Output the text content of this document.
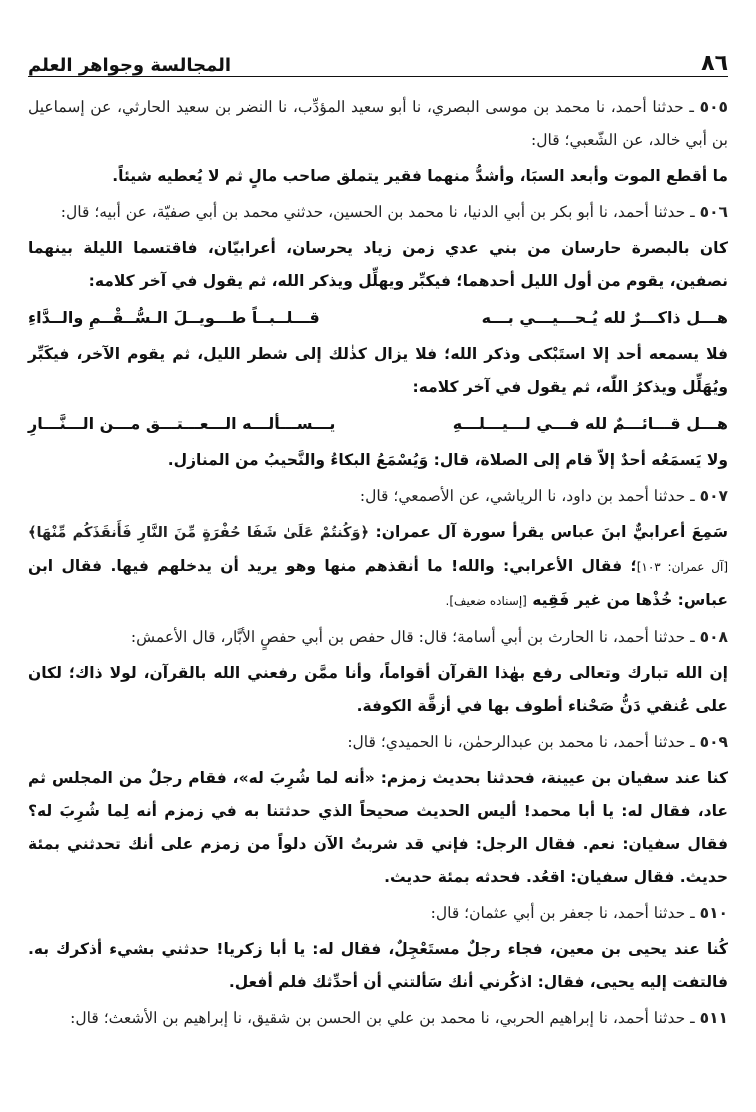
٨٦
المجالسة وجواهر العلم

٥٠٥ ـ حدثنا أحمد، نا محمد بن موسى البصري، نا أبو سعيد المؤدِّب، نا النضر بن سعيد الحارثي، عن إسماعيل بن أبي خالد، عن الشّعبي؛ قال:

ما أقطع الموت وأبعد السبَا، وأشدُّ منهما فقير يتملق صاحب مالٍ ثم لا يُعطيه شيئاً.

٥٠٦ ـ حدثنا أحمد، نا أبو بكر بن أبي الدنيا، نا محمد بن الحسين، حدثني محمد بن أبي صفيّة، عن أبيه؛ قال:

كان بالبصرة حارسان من بني عدي زمن زياد يحرسان، أعرابيّان، فاقتسما الليلة بينهما نصفين، يقوم من أول الليل أحدهما؛ فيكبِّر ويهلِّل ويذكر الله، ثم يقول في آخر كلامه:

هـــل ذاكـــرٌ لله يُـحـــيـــي بـــه
قـــلــبــاً طـــويــلَ الـسُّــقْــمِ والــدَّاءِ

فلا يسمعه أحد إلا استَبْكى وذكر الله؛ فلا يزال كذٰلك إلى شطر الليل، ثم يقوم الآخر، فيكَبِّر ويُهَلِّل ويذكرُ اللّٰه، ثم يقول في آخر كلامه:

هـــل قـــائـــمٌ لله فـــي لـــيـــلـــهِ
يـــســـألـــه الـــعـــتـــق مـــن الـــنَّـــارِ

ولا يَسمَعُه أحدٌ إلاّ قام إلى الصلاة، قال: وَيُسْمَعُ البكاءُ والنَّحيبُ من المنازل.

٥٠٧ ـ حدثنا أحمد بن داود، نا الرياشي، عن الأصمعي؛ قال:

سَمِعَ أعرابيٌّ ابنَ عباس يقرأ سورة آل عمران: ﴿وَكُنتُمْ عَلَىٰ شَفَا حُفْرَةٍ مِّنَ النَّارِ فَأَنقَذَكُم مِّنْهَا﴾ [آل عمران: ١٠٣]؛ فقال الأعرابي: والله! ما أنقذهم منها وهو يريد أن يدخلهم فيها. فقال ابن عباس: خُذْها من غير فَقِيه [إسناده ضعيف].

٥٠٨ ـ حدثنا أحمد، نا الحارث بن أبي أسامة؛ قال: قال حفص بن أبي حفصٍ الأبَّار، قال الأعمش:

إن الله تبارك وتعالى رفع بهٰذا القرآن أقواماً، وأنا ممَّن رفعني الله بالقرآن، لولا ذاك؛ لكان على عُنقي دَنُّ صَحْناء أطوف بها في أزقَّة الكوفة.

٥٠٩ ـ حدثنا أحمد، نا محمد بن عبدالرحمٰن، نا الحميدي؛ قال:

كنا عند سفيان بن عيينة، فحدثنا بحديث زمزم: «أنه لما شُرِبَ له»، فقام رجلٌ من المجلس ثم عاد، فقال له: يا أبا محمد! أليس الحديث صحيحاً الذي حدثتنا به في زمزم أنه لِما شُرِبَ له؟ فقال سفيان: نعم. فقال الرجل: فإني قد شربتُ الآن دلواً من زمزم على أنك تحدثني بمئة حديث. فقال سفيان: اقعُد. فحدثه بمئة حديث.

٥١٠ ـ حدثنا أحمد، نا جعفر بن أبي عثمان؛ قال:

كُنا عند يحيى بن معين، فجاء رجلٌ مستَعْجِلٌ، فقال له: يا أبا زكريا! حدثني بشيء أذكرك به. فالتفت إليه يحيى، فقال: اذكُرني أنك سَألتني أن أحدِّثك فلم أفعل.

٥١١ ـ حدثنا أحمد، نا إبراهيم الحربي، نا محمد بن علي بن الحسن بن شقيق، نا إبراهيم بن الأشعث؛ قال:
